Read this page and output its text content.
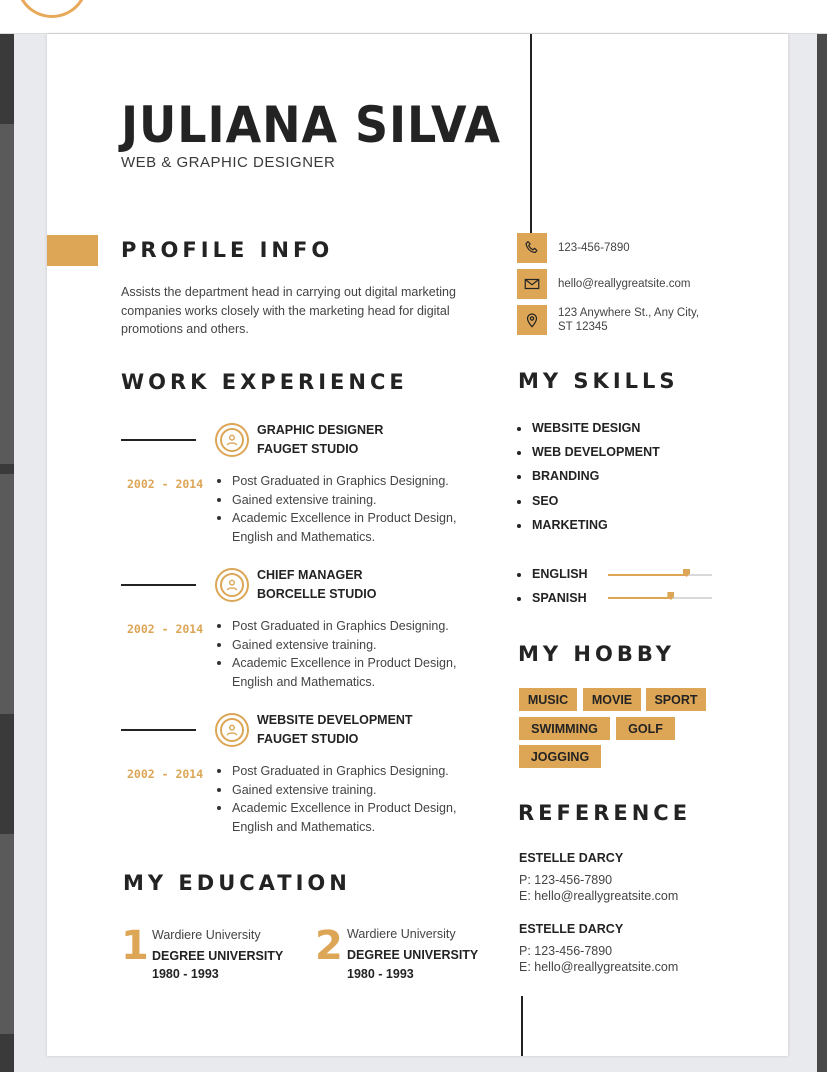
JULIANA SILVA
WEB & GRAPHIC DESIGNER
PROFILE INFO
Assists the department head in carrying out digital marketing companies works closely with the marketing head for digital promotions and others.
123-456-7890
hello@reallygreatsite.com
123 Anywhere St., Any City,
ST 12345
WORK EXPERIENCE
GRAPHIC DESIGNER
FAUGET STUDIO
2002 - 2014	Post Graduated in Graphics Designing.
Gained extensive training.
Academic Excellence in Product Design, English and Mathematics.
CHIEF MANAGER
BORCELLE STUDIO
2002 - 2014	Post Graduated in Graphics Designing.
Gained extensive training.
Academic Excellence in Product Design, English and Mathematics.
WEBSITE DEVELOPMENT
FAUGET STUDIO
2002 - 2014	Post Graduated in Graphics Designing.
Gained extensive training.
Academic Excellence in Product Design, English and Mathematics.
MY SKILLS
WEBSITE DESIGN
WEB DEVELOPMENT
BRANDING
SEO
MARKETING
ENGLISH
SPANISH
MY HOBBY
MUSIC	MOVIE	SPORT
SWIMMING	GOLF
JOGGING
REFERENCE
ESTELLE DARCY
P: 123-456-7890
E: hello@reallygreatsite.com
ESTELLE DARCY
P: 123-456-7890
E: hello@reallygreatsite.com
MY EDUCATION
1 Wardiere University
DEGREE UNIVERSITY
1980 - 1993
2 Wardiere University
DEGREE UNIVERSITY
1980 - 1993
